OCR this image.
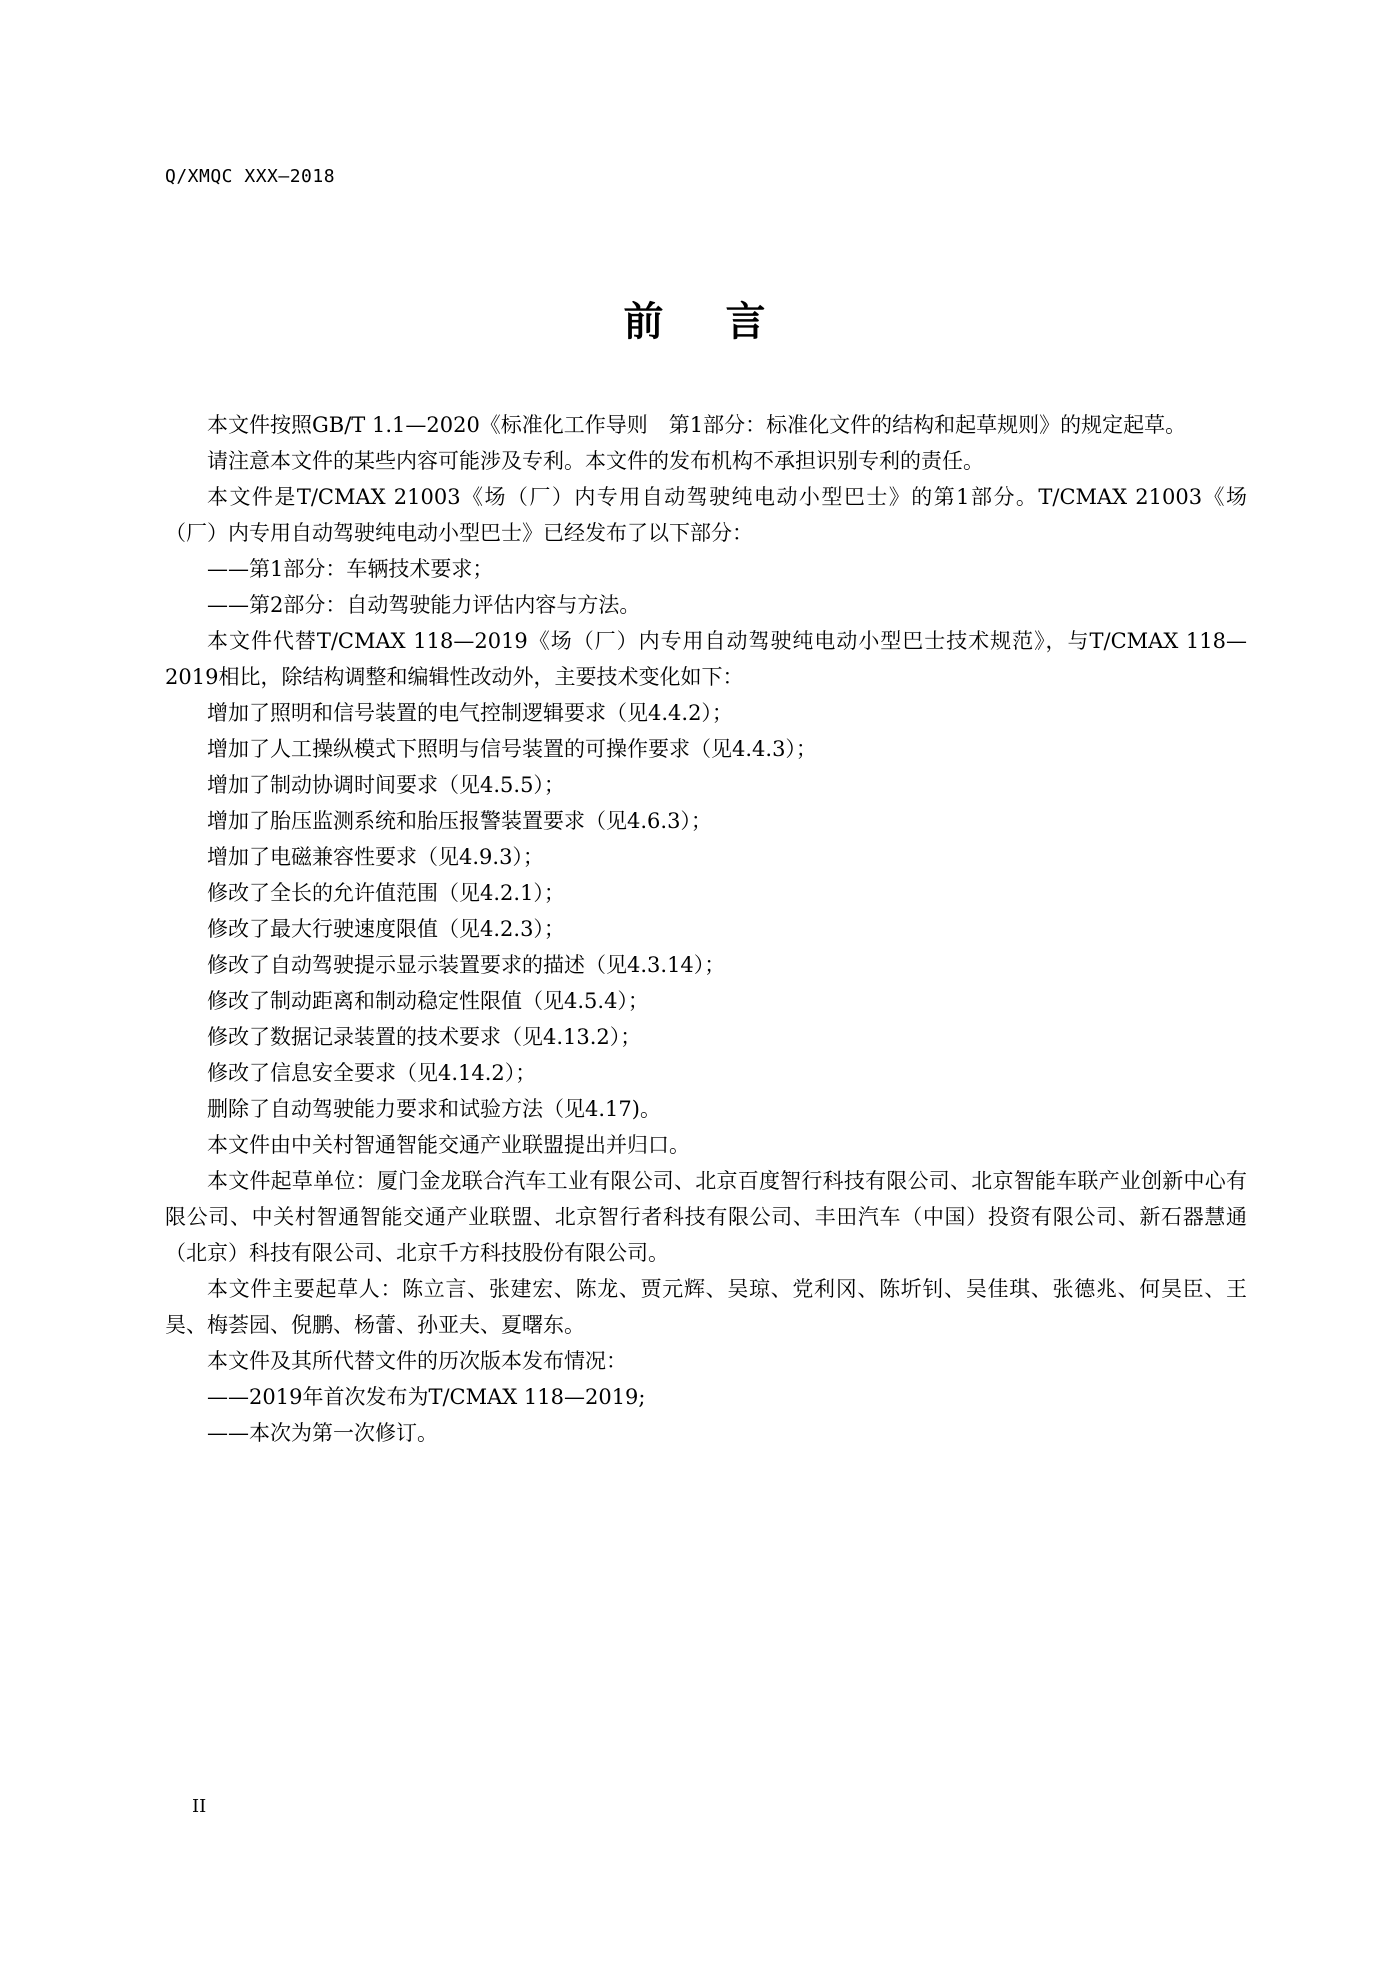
Q/XMQC XXX—2018
前言

本文件按照GB/T 1.1—2020《标准化工作导则　第1部分：标准化文件的结构和起草规则》的规定起草。

请注意本文件的某些内容可能涉及专利。本文件的发布机构不承担识别专利的责任。

本文件是T/CMAX 21003《场（厂）内专用自动驾驶纯电动小型巴士》的第1部分。T/CMAX 21003《场（厂）内专用自动驾驶纯电动小型巴士》已经发布了以下部分：

——第1部分：车辆技术要求；

——第2部分：自动驾驶能力评估内容与方法。

本文件代替T/CMAX 118—2019《场（厂）内专用自动驾驶纯电动小型巴士技术规范》，与T/CMAX 118—2019相比，除结构调整和编辑性改动外，主要技术变化如下：

增加了照明和信号装置的电气控制逻辑要求（见4.4.2）；

增加了人工操纵模式下照明与信号装置的可操作要求（见4.4.3）；

增加了制动协调时间要求（见4.5.5）；

增加了胎压监测系统和胎压报警装置要求（见4.6.3）；

增加了电磁兼容性要求（见4.9.3）；

修改了全长的允许值范围（见4.2.1）；

修改了最大行驶速度限值（见4.2.3）；

修改了自动驾驶提示显示装置要求的描述（见4.3.14）；

修改了制动距离和制动稳定性限值（见4.5.4）；

修改了数据记录装置的技术要求（见4.13.2）；

修改了信息安全要求（见4.14.2）；

删除了自动驾驶能力要求和试验方法（见4.17)。

本文件由中关村智通智能交通产业联盟提出并归口。

本文件起草单位：厦门金龙联合汽车工业有限公司、北京百度智行科技有限公司、北京智能车联产业创新中心有限公司、中关村智通智能交通产业联盟、北京智行者科技有限公司、丰田汽车（中国）投资有限公司、新石器慧通（北京）科技有限公司、北京千方科技股份有限公司。

本文件主要起草人：陈立言、张建宏、陈龙、贾元辉、吴琼、党利冈、陈圻钊、吴佳琪、张德兆、何昊臣、王昊、梅荟园、倪鹏、杨蕾、孙亚夫、夏曙东。

本文件及其所代替文件的历次版本发布情况：

——2019年首次发布为T/CMAX 118—2019;

——本次为第一次修订。

II
